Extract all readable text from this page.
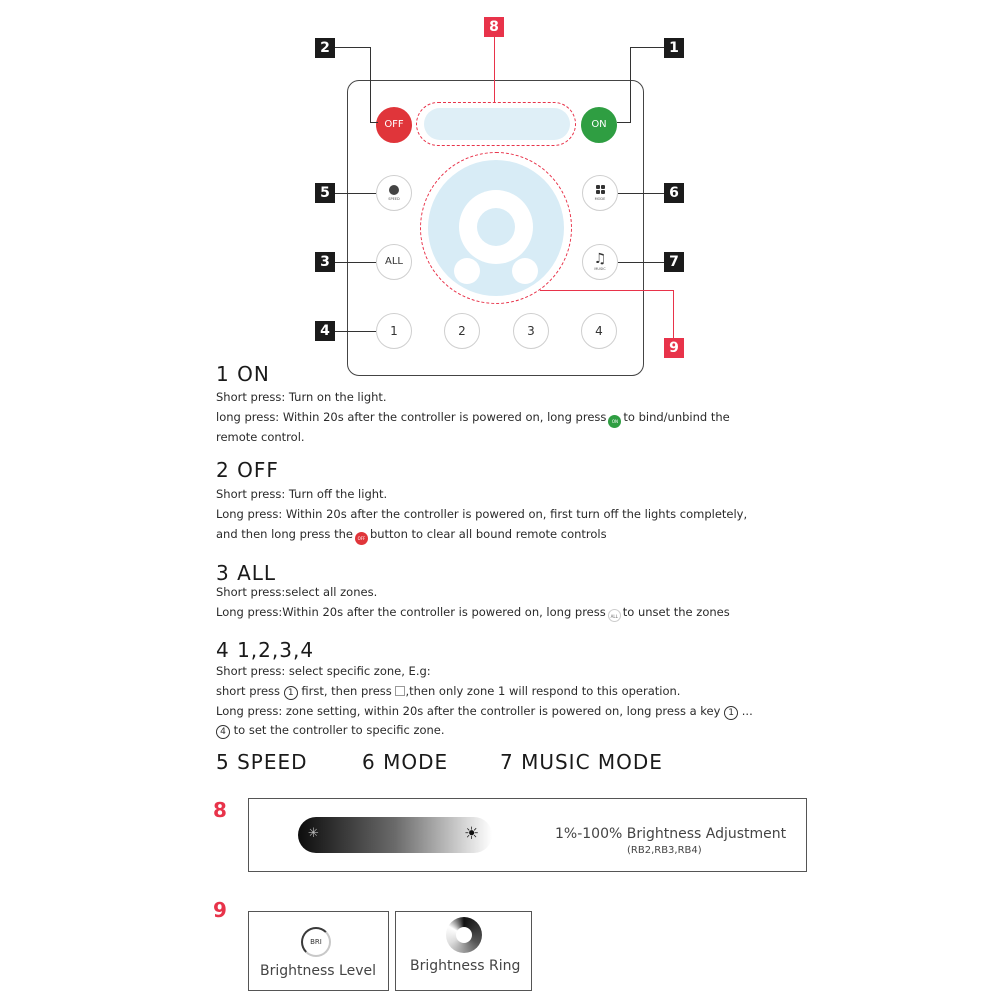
OFF	ON
SPEED	MODE
ALL	♫
MUSIC
1	2	3	4
2	1
8
5	6
3	7
4
9
1 ON
Short press: Turn on the light.
long press: Within 20s after the controller is powered on, long press ON to bind/unbind the
remote control.
2 OFF
Short press: Turn off the light.
Long press: Within 20s after the controller is powered on, first turn off the lights completely,
and then long press the OFF button to clear all bound remote controls
3 ALL
Short press:select all zones.
Long press:Within 20s after the controller is powered on, long press ALL to unset the zones
4 1,2,3,4
Short press: select specific zone, E.g:
short press 1 first, then press ,then only zone 1 will respond to this operation.
Long press: zone setting, within 20s after the controller is powered on, long press a key 1 ...
4 to set the controller to specific zone.
5 SPEED	6 MODE	7 MUSIC MODE
8
✳	☀	1%-100% Brightness Adjustment
(RB2,RB3,RB4)
9
BRI
Brightness Level Brightness Ring
